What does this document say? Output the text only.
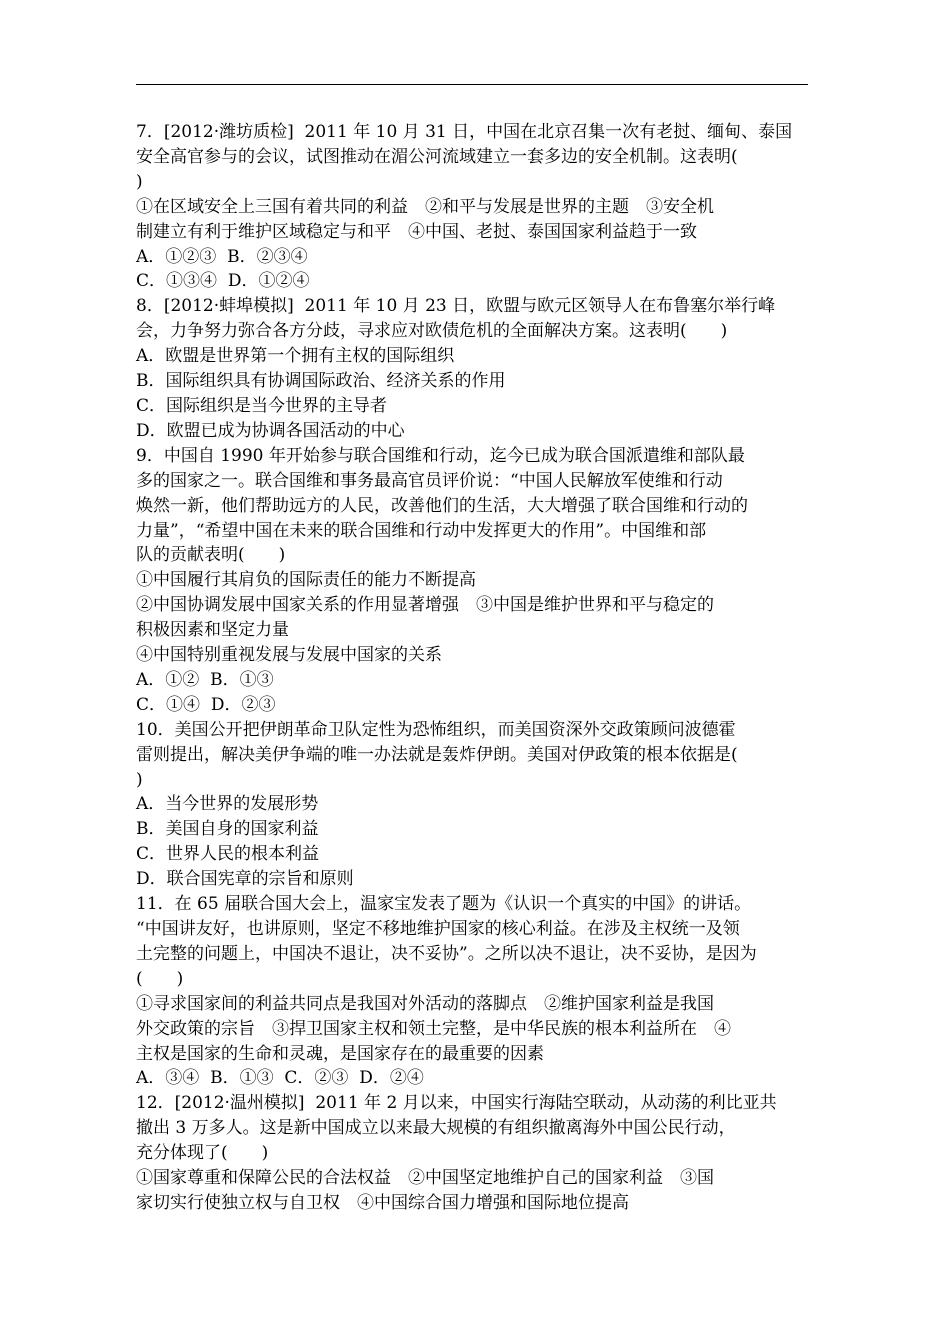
7．[2012·潍坊质检]  2011 年 10 月 31 日，中国在北京召集一次有老挝、缅甸、泰国
安全高官参与的会议，试图推动在湄公河流域建立一套多边的安全机制。这表明(
)
①在区域安全上三国有着共同的利益　②和平与发展是世界的主题　③安全机
制建立有利于维护区域稳定与和平　④中国、老挝、泰国国家利益趋于一致
A．①②③  B．②③④
C．①③④  D．①②④
8．[2012·蚌埠模拟]  2011 年 10 月 23 日，欧盟与欧元区领导人在布鲁塞尔举行峰
会，力争努力弥合各方分歧，寻求应对欧债危机的全面解决方案。这表明(　　)
A．欧盟是世界第一个拥有主权的国际组织
B．国际组织具有协调国际政治、经济关系的作用
C．国际组织是当今世界的主导者
D．欧盟已成为协调各国活动的中心
9．中国自 1990 年开始参与联合国维和行动，迄今已成为联合国派遣维和部队最
多的国家之一。联合国维和事务最高官员评价说：“中国人民解放军使维和行动
焕然一新，他们帮助远方的人民，改善他们的生活，大大增强了联合国维和行动的
力量”，“希望中国在未来的联合国维和行动中发挥更大的作用”。中国维和部
队的贡献表明(　　)
①中国履行其肩负的国际责任的能力不断提高
②中国协调发展中国家关系的作用显著增强　③中国是维护世界和平与稳定的
积极因素和坚定力量
④中国特别重视发展与发展中国家的关系
A．①②  B．①③
C．①④  D．②③
10．美国公开把伊朗革命卫队定性为恐怖组织，而美国资深外交政策顾问波德霍
雷则提出，解决美伊争端的唯一办法就是轰炸伊朗。美国对伊政策的根本依据是(
)
A．当今世界的发展形势
B．美国自身的国家利益
C．世界人民的根本利益
D．联合国宪章的宗旨和原则
11．在 65 届联合国大会上，温家宝发表了题为《认识一个真实的中国》的讲话。
“中国讲友好，也讲原则，坚定不移地维护国家的核心利益。在涉及主权统一及领
土完整的问题上，中国决不退让，决不妥协”。之所以决不退让，决不妥协，是因为
(　　)
①寻求国家间的利益共同点是我国对外活动的落脚点　②维护国家利益是我国
外交政策的宗旨　③捍卫国家主权和领土完整，是中华民族的根本利益所在　④
主权是国家的生命和灵魂，是国家存在的最重要的因素
A．③④  B．①③  C．②③  D．②④
12．[2012·温州模拟]  2011 年 2 月以来，中国实行海陆空联动，从动荡的利比亚共
撤出 3 万多人。这是新中国成立以来最大规模的有组织撤离海外中国公民行动，
充分体现了(　　)
①国家尊重和保障公民的合法权益　②中国坚定地维护自己的国家利益　③国
家切实行使独立权与自卫权　④中国综合国力增强和国际地位提高
